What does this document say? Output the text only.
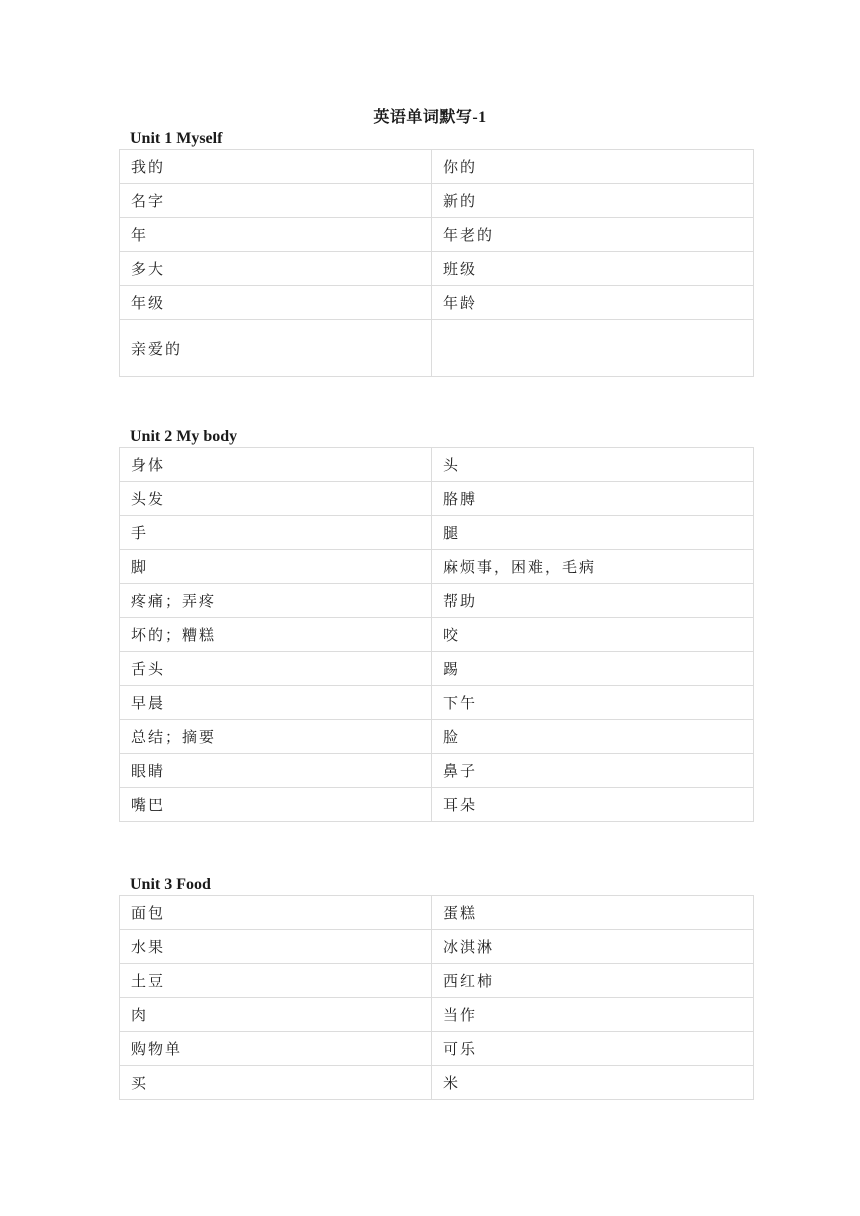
英语单词默写-1
Unit 1 Myself
我的	你的
名字	新的
年	年老的
多大	班级
年级	年龄
亲爱的	
Unit 2 My body
身体	头
头发	胳膊
手	腿
脚	麻烦事，困难，毛病
疼痛；弄疼	帮助
坏的；糟糕	咬
舌头	踢
早晨	下午
总结；摘要	脸
眼睛	鼻子
嘴巴	耳朵
Unit 3 Food
面包	蛋糕
水果	冰淇淋
土豆	西红柿
肉	当作
购物单	可乐
买	米
